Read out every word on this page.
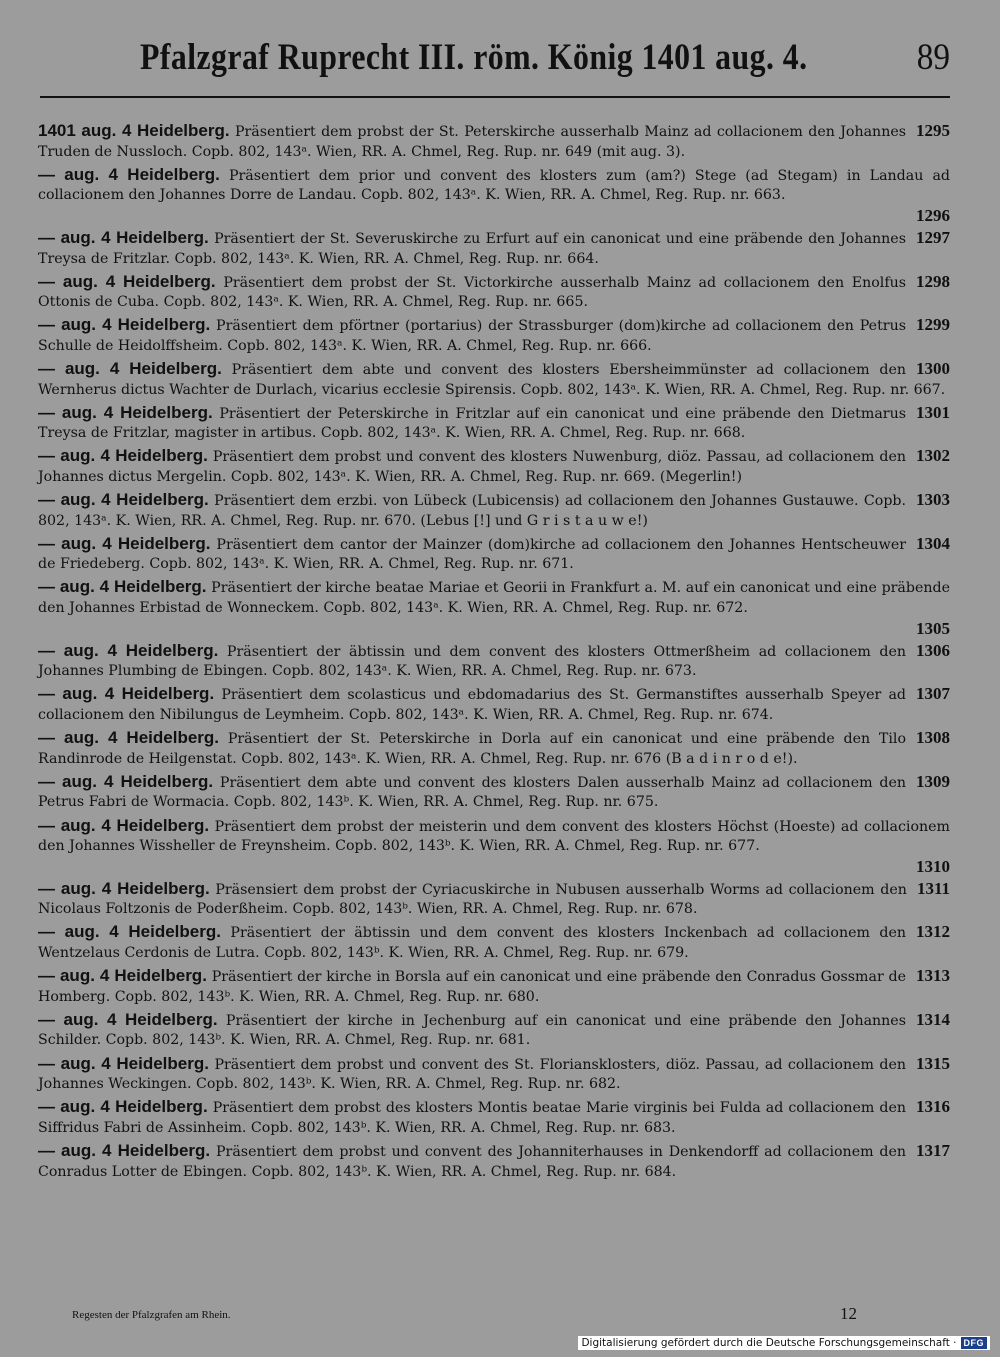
Pfalzgraf Ruprecht III. röm. König 1401 aug. 4.	89
1401 aug. 4 Heidelberg.	1295
Präsentiert dem probst der St. Peterskirche ausserhalb Mainz ad collacionem den Johannes Truden de Nussloch. Copb. 802, 143ᵃ. Wien, RR. A. Chmel, Reg. Rup. nr. 649 (mit aug. 3).
— aug. 4 Heidelberg. Präsentiert dem prior und convent des klosters zum (am?) Stege (ad Stegam) in Landau ad collacionem den Johannes Dorre de Landau. Copb. 802, 143ᵃ. K. Wien, RR. A. Chmel, Reg. Rup. nr. 663.
1296
— aug. 4 Heidelberg.	1297
Präsentiert der St. Severuskirche zu Erfurt auf ein canonicat und eine präbende den Johannes Treysa de Fritzlar. Copb. 802, 143ᵃ. K. Wien, RR. A. Chmel, Reg. Rup. nr. 664.
— aug. 4 Heidelberg.	1298
Präsentiert dem probst der St. Victorkirche ausserhalb Mainz ad collacionem den Enolfus Ottonis de Cuba. Copb. 802, 143ᵃ. K. Wien, RR. A. Chmel, Reg. Rup. nr. 665.
— aug. 4 Heidelberg.	1299
Präsentiert dem pförtner (portarius) der Strassburger (dom)kirche ad collacionem den Petrus Schulle de Heidolffsheim. Copb. 802, 143ᵃ. K. Wien, RR. A. Chmel, Reg. Rup. nr. 666.
— aug. 4 Heidelberg.	1300
Präsentiert dem abte und convent des klosters Ebersheimmünster ad collacionem den Wernherus dictus Wachter de Durlach, vicarius ecclesie Spirensis. Copb. 802, 143ᵃ. K. Wien, RR. A. Chmel, Reg. Rup. nr. 667.
— aug. 4 Heidelberg.	1301
Präsentiert der Peterskirche in Fritzlar auf ein canonicat und eine präbende den Dietmarus Treysa de Fritzlar, magister in artibus. Copb. 802, 143ᵃ. K. Wien, RR. A. Chmel, Reg. Rup. nr. 668.
— aug. 4 Heidelberg.	1302
Präsentiert dem probst und convent des klosters Nuwenburg, diöz. Passau, ad collacionem den Johannes dictus Mergelin. Copb. 802, 143ᵃ. K. Wien, RR. A. Chmel, Reg. Rup. nr. 669. (Megerlin!)
— aug. 4 Heidelberg.	1303
Präsentiert dem erzbi. von Lübeck (Lubicensis) ad collacionem den Johannes Gustauwe. Copb. 802, 143ᵃ. K. Wien, RR. A. Chmel, Reg. Rup. nr. 670. (Lebus [!] und G r i s t a u w e!)
— aug. 4 Heidelberg.	1304
Präsentiert dem cantor der Mainzer (dom)kirche ad collacionem den Johannes Hentscheuwer de Friedeberg. Copb. 802, 143ᵃ. K. Wien, RR. A. Chmel, Reg. Rup. nr. 671.
— aug. 4 Heidelberg. Präsentiert der kirche beatae Mariae et Georii in Frankfurt a. M. auf ein canonicat und eine präbende den Johannes Erbistad de Wonneckem. Copb. 802, 143ᵃ. K. Wien, RR. A. Chmel, Reg. Rup. nr. 672.
1305
— aug. 4 Heidelberg.	1306
Präsentiert der äbtissin und dem convent des klosters Ottmerßheim ad collacionem den Johannes Plumbing de Ebingen. Copb. 802, 143ᵃ. K. Wien, RR. A. Chmel, Reg. Rup. nr. 673.
— aug. 4 Heidelberg.	1307
Präsentiert dem scolasticus und ebdomadarius des St. Germanstiftes ausserhalb Speyer ad collacionem den Nibilungus de Leymheim. Copb. 802, 143ᵃ. K. Wien, RR. A. Chmel, Reg. Rup. nr. 674.
— aug. 4 Heidelberg.	1308
Präsentiert der St. Peterskirche in Dorla auf ein canonicat und eine präbende den Tilo Randinrode de Heilgenstat. Copb. 802, 143ᵃ. K. Wien, RR. A. Chmel, Reg. Rup. nr. 676 (B a d i n r o d e!).
— aug. 4 Heidelberg.	1309
Präsentiert dem abte und convent des klosters Dalen ausserhalb Mainz ad collacionem den Petrus Fabri de Wormacia. Copb. 802, 143ᵇ. K. Wien, RR. A. Chmel, Reg. Rup. nr. 675.
— aug. 4 Heidelberg. Präsentiert dem probst der meisterin und dem convent des klosters Höchst (Hoeste) ad collacionem den Johannes Wissheller de Freynsheim. Copb. 802, 143ᵇ. K. Wien, RR. A. Chmel, Reg. Rup. nr. 677.
1310
— aug. 4 Heidelberg.	1311
Präsensiert dem probst der Cyriacuskirche in Nubusen ausserhalb Worms ad collacionem den Nicolaus Foltzonis de Poderßheim. Copb. 802, 143ᵇ. Wien, RR. A. Chmel, Reg. Rup. nr. 678.
— aug. 4 Heidelberg.	1312
Präsentiert der äbtissin und dem convent des klosters Inckenbach ad collacionem den Wentzelaus Cerdonis de Lutra. Copb. 802, 143ᵇ. K. Wien, RR. A. Chmel, Reg. Rup. nr. 679.
— aug. 4 Heidelberg.	1313
Präsentiert der kirche in Borsla auf ein canonicat und eine präbende den Conradus Gossmar de Homberg. Copb. 802, 143ᵇ. K. Wien, RR. A. Chmel, Reg. Rup. nr. 680.
— aug. 4 Heidelberg.	1314
Präsentiert der kirche in Jechenburg auf ein canonicat und eine präbende den Johannes Schilder. Copb. 802, 143ᵇ. K. Wien, RR. A. Chmel, Reg. Rup. nr. 681.
— aug. 4 Heidelberg.	1315
Präsentiert dem probst und convent des St. Floriansklosters, diöz. Passau, ad collacionem den Johannes Weckingen. Copb. 802, 143ᵇ. K. Wien, RR. A. Chmel, Reg. Rup. nr. 682.
— aug. 4 Heidelberg.	1316
Präsentiert dem probst des klosters Montis beatae Marie virginis bei Fulda ad collacionem den Siffridus Fabri de Assinheim. Copb. 802, 143ᵇ. K. Wien, RR. A. Chmel, Reg. Rup. nr. 683.
— aug. 4 Heidelberg.	1317
Präsentiert dem probst und convent des Johanniterhauses in Denkendorff ad collacionem den Conradus Lotter de Ebingen. Copb. 802, 143ᵇ. K. Wien, RR. A. Chmel, Reg. Rup. nr. 684.
Regesten der Pfalzgrafen am Rhein.	12
Digitalisierung gefördert durch die Deutsche Forschungsgemeinschaft · DFG
